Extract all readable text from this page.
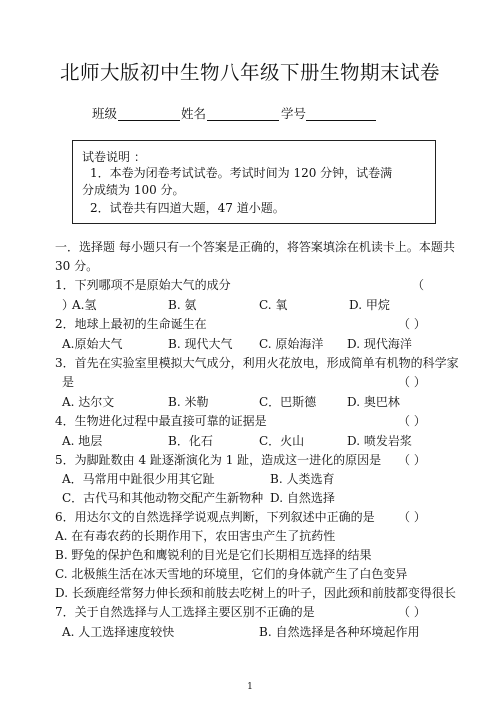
北师大版初中生物八年级下册生物期末试卷
班级	姓名	学号
试卷说明 ：
1．本卷为闭卷考试试卷。考试时间为 120 分钟，试卷满
分成绩为 100 分。
2．试卷共有四道大题，47 道小题。
一．选择题 每小题只有一个答案是正确的，将答案填涂在机读卡上。本题共
30 分。
1．下列哪项不是原始大气的成分	（
）
A.氢	B. 氨	C. 氧	D. 甲烷
2．地球上最初的生命诞生在	（ ）
A.原始大气	B. 现代大气 C. 原始海洋 D. 现代海洋
3．首先在实验室里模拟大气成分，利用火花放电，形成简单有机物的科学家
是	（ ）
A. 达尔文	B. 米勒	C．巴斯德	D. 奥巴林
4．生物进化过程中最直接可靠的证据是	（ ）
A. 地层	B．化石	C．火山	D. 喷发岩浆
5．为脚趾数由 4 趾逐渐演化为 1 趾，造成这一进化的原因是 （ ）
A．马常用中趾很少用其它趾	B. 人类选育
C．古代马和其他动物交配产生新物种 D. 自然选择
6．用达尔文的自然选择学说观点判断，下列叙述中正确的是 （ ）
A. 在有毒农药的长期作用下，农田害虫产生了抗药性
B. 野兔的保护色和鹰锐利的目光是它们长期相互选择的结果
C. 北极熊生活在冰天雪地的环境里，它们的身体就产生了白色变异
D. 长颈鹿经常努力伸长颈和前肢去吃树上的叶子，因此颈和前肢都变得很长
7．关于自然选择与人工选择主要区别不正确的是	（ ）
A. 人工选择速度较快	B. 自然选择是各种环境起作用
1
